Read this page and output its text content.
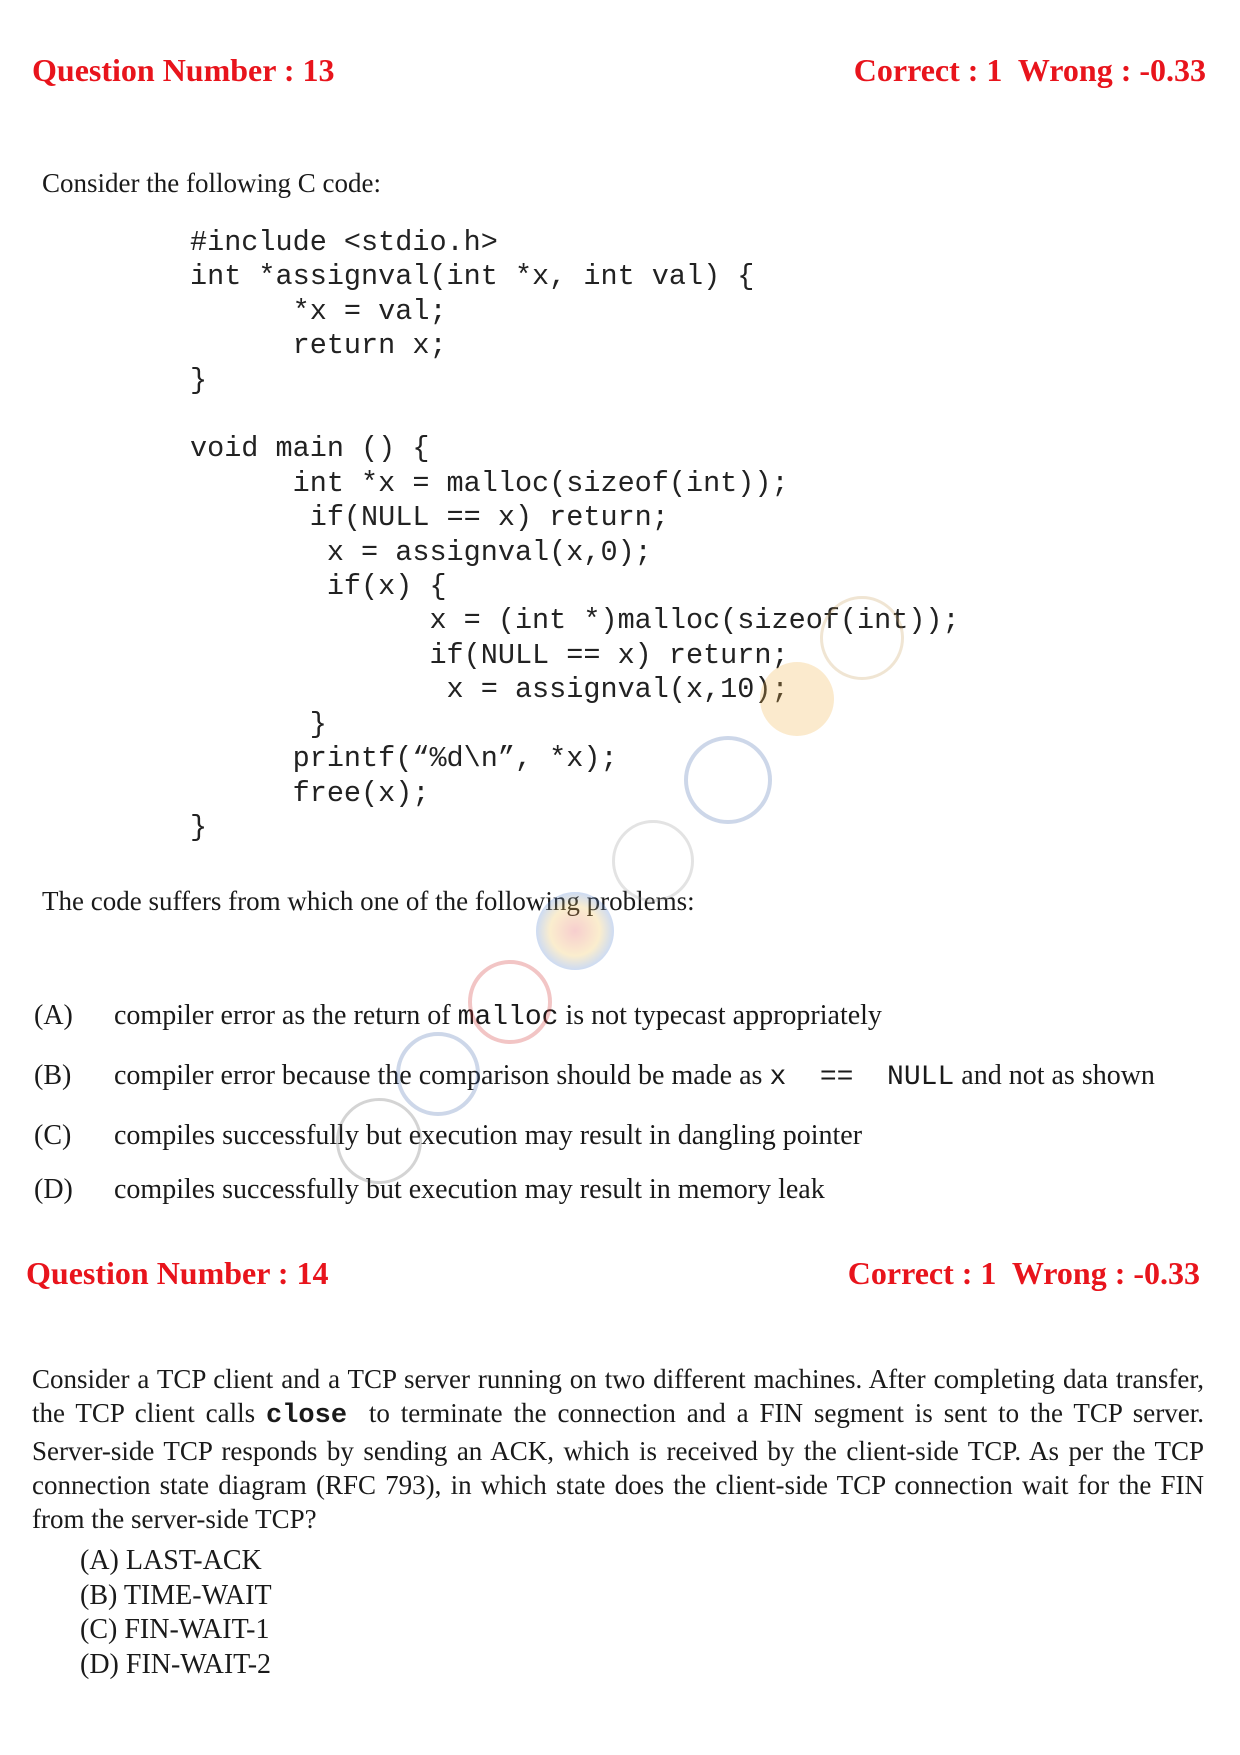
Question Number : 13	Correct : 1  Wrong : -0.33
Consider the following C code:
#include <stdio.h>
int *assignval(int *x, int val) {
*x = val;
return x;
}

void main () {
int *x = malloc(sizeof(int));
if(NULL == x) return;
x = assignval(x,0);
if(x) {
x = (int *)malloc(sizeof(int));
if(NULL == x) return;
x = assignval(x,10);
}
printf(“%d\n”, *x);
free(x);
}
The code suffers from which one of the following problems:
(A) compiler error as the return of malloc is not typecast appropriately
(B) compiler error because the comparison should be made as x  ==  NULL and not as shown
(C) compiles successfully but execution may result in dangling pointer
(D) compiles successfully but execution may result in memory leak
Question Number : 14	Correct : 1  Wrong : -0.33
Consider a TCP client and a TCP server running on two different machines. After completing data transfer, the TCP client calls close  to terminate the connection and a FIN segment is sent to the TCP server. Server-side TCP responds by sending an ACK, which is received by the client-side TCP. As per the TCP connection state diagram (RFC 793), in which state does the client-side TCP connection wait for the FIN from the server-side TCP?
(A) LAST-ACK
(B) TIME-WAIT
(C) FIN-WAIT-1
(D) FIN-WAIT-2
